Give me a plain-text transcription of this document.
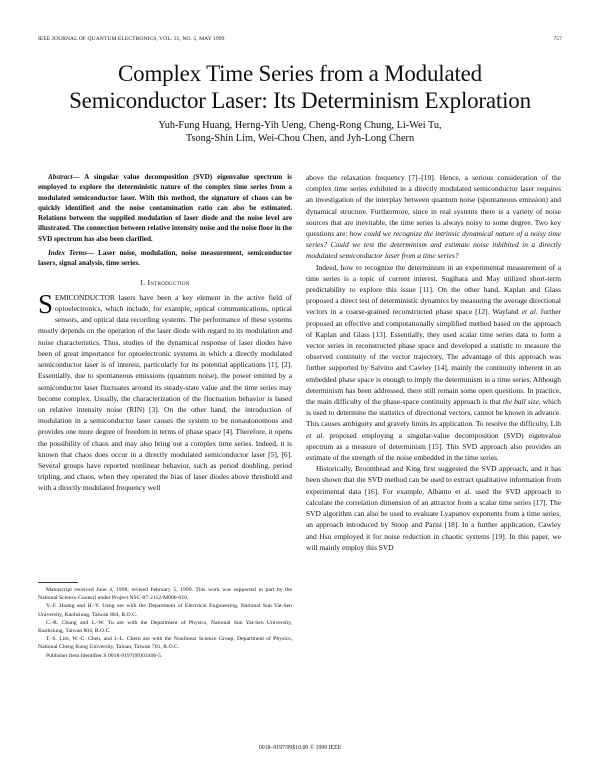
IEEE JOURNAL OF QUANTUM ELECTRONICS, VOL. 35, NO. 5, MAY 1999	757
Complex Time Series from a Modulated
Semiconductor Laser: Its Determinism Exploration
Yuh-Fung Huang, Herng-Yih Ueng, Cheng-Rong Chung, Li-Wei Tu,
Tsong-Shin Lim, Wei-Chou Chen, and Jyh-Long Chern

Abstract— A singular value decomposition (SVD) eigenvalue spectrum is employed to explore the deterministic nature of the complex time series from a modulated semiconductor laser. With this method, the signature of chaos can be quickly identified and the noise contamination ratio can also be estimated. Relations between the supplied modulation of laser diode and the noise level are illustrated. The connection between relative intensity noise and the noise floor in the SVD spectrum has also been clarified.

Index Terms— Laser noise, modulation, noise measurement, semiconductor lasers, signal analysis, time series.

I. Introduction

SEMICONDUCTOR lasers have been a key element in the active field of optoelectronics, which include, for example, optical communications, optical sensors, and optical data recording systems. The performance of these systems mostly depends on the operation of the laser diode with regard to its modulation and noise characteristics. Thus, studies of the dynamical response of laser diodes have been of great importance for optoelectronic systems in which a directly modulated semiconductor laser is of interest, particularly for its potential applications [1], [2]. Essentially, due to spontaneous emissions (quantum noise), the power emitted by a semiconductor laser fluctuates around its steady-state value and the time series may become complex. Usually, the characterization of the fluctuation behavior is based on relative intensity noise (RIN) [3]. On the other hand, the introduction of modulation in a semiconductor laser causes the system to be nonautonomous and provides one more degree of freedom in terms of phase space [4]. Therefore, it opens the possibility of chaos and may also bring out a complex time series. Indeed, it is known that chaos does occur in a directly modulated semiconductor laser [5], [6]. Several groups have reported nonlinear behavior, such as period doubling, period tripling, and chaos, when they operated the bias of laser diodes above threshold and with a directly modulated frequency well

Manuscript received June 4, 1998; revised February 5, 1999. This work was supported in part by the National Science Council under Project NSC-87-2112-M006-010.

Y.-F. Huang and H.-Y. Ueng are with the Department of Electrical Engineering, National Sun Yat-Sen University, Kaohsiung, Taiwan 804, R.O.C.

C.-R. Chung and L.-W. Tu are with the Department of Physics, National Sun Yat-Sen University, Kaohsiung, Taiwan 804, R.O.C.

T.-S. Lim, W.-C. Chen, and J.-L. Chern are with the Nonlinear Science Group, Department of Physics, National Cheng Kung University, Tainan, Taiwan 701, R.O.C.

Publisher Item Identifier S 0018-9197(99)03406-5.

above the relaxation frequency [7]–[10]. Hence, a serious consideration of the complex time series exhibited in a directly modulated semiconductor laser requires an investigation of the interplay between quantum noise (spontaneous emission) and dynamical structure. Furthermore, since in real systems there is a variety of noise sources that are inevitable, the time series is always noisy to some degree. Two key questions are: how could we recognize the intrinsic dynamical nature of a noisy time series? Could we test the determinism and estimate noise inhibited in a directly modulated semiconductor laser from a time series?

Indeed, how to recognize the determinism in an experimental measurement of a time series is a topic of current interest. Sugihara and May utilized short-term predictability to explore this issue [11]. On the other hand, Kaplan and Glass proposed a direct test of deterministic dynamics by measuring the average directional vectors in a coarse-grained reconstructed phase space [12]. Wayland et al. further proposed an effective and computationally simplified method based on the approach of Kaplan and Glass [13]. Essentially, they used scalar time series data to form a vector series in reconstructed phase space and developed a statistic to measure the observed continuity of the vector trajectory. The advantage of this approach was further supported by Salvino and Cawley [14], mainly the continuity inherent in an embedded phase space is enough to imply the determinism in a time series. Although determinism has been addressed, there still remain some open questions. In practice, the main difficulty of the phase-space continuity approach is that the ball size, which is used to determine the statistics of directional vectors, cannot be known in advance. This causes ambiguity and gravely limits its application. To resolve the difficulty, Lih et al. proposed employing a singular-value decomposition (SVD) eigenvalue spectrum as a measure of determinism [15]. This SVD approach also provides an estimate of the strength of the noise embedded in the time series.

Historically, Broomhead and King first suggested the SVD approach, and it has been shown that the SVD method can be used to extract qualitative information from experimental data [16]. For example, Albanto et al. used the SVD approach to calculate the correlation dimension of an attractor from a scalar time series [17]. The SVD algorithm can also be used to evaluate Lyapunov exponents from a time series, an approach introduced by Stoop and Parisi [18]. In a further application, Cawley and Hsu employed it for noise reduction in chaotic systems [19]. In this paper, we will mainly employ this SVD

0018–9197/99$10.00 © 1999 IEEE
